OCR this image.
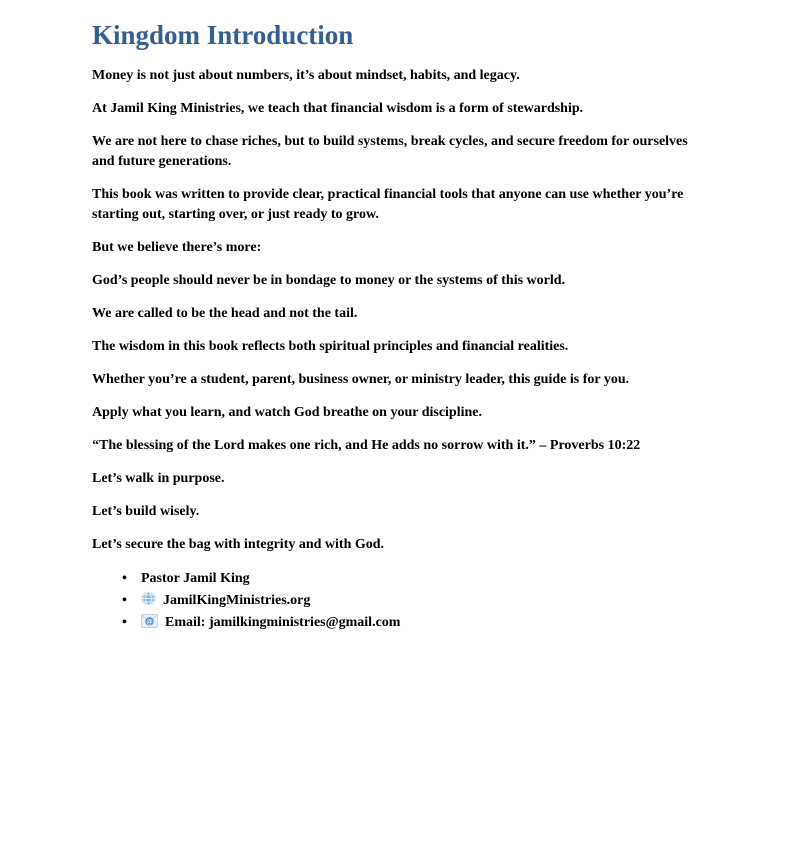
Kingdom Introduction

Money is not just about numbers, it’s about mindset, habits, and legacy.

At Jamil King Ministries, we teach that financial wisdom is a form of stewardship.

We are not here to chase riches, but to build systems, break cycles, and secure freedom for ourselves and future generations.

This book was written to provide clear, practical financial tools that anyone can use whether you’re starting out, starting over, or just ready to grow.

But we believe there’s more:

God’s people should never be in bondage to money or the systems of this world.

We are called to be the head and not the tail.

The wisdom in this book reflects both spiritual principles and financial realities.

Whether you’re a student, parent, business owner, or ministry leader, this guide is for you.

Apply what you learn, and watch God breathe on your discipline.

“The blessing of the Lord makes one rich, and He adds no sorrow with it.” – Proverbs 10:22

Let’s walk in purpose.

Let’s build wisely.

Let’s secure the bag with integrity and with God.

• Pastor Jamil King
• JamilKingMinistries.org
• @ Email: jamilkingministries@gmail.com
